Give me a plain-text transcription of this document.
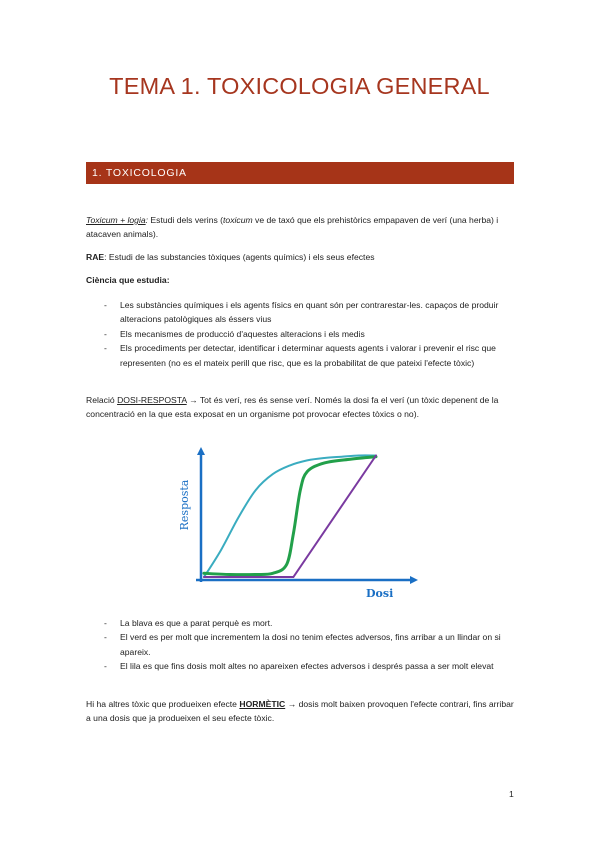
TEMA 1. TOXICOLOGIA GENERAL
1. TOXICOLOGIA

Toxicum + logia: Estudi dels verins (toxicum ve de taxó que els prehistòrics empapaven de verí (una herba) i atacaven animals).

RAE: Estudi de las substancies tòxiques (agents químics) i els seus efectes

Ciència que estudia:

- Les substàncies químiques i els agents físics en quant són per contrarestar-les. capaços de produir alteracions patològiques als éssers vius
- Els mecanismes de producció d'aquestes alteracions i els medis
- Els procediments per detectar, identificar i determinar aquests agents i valorar i prevenir el risc que representen (no es el mateix perill que risc, que es la probabilitat de que pateixi l'efecte tòxic)

Relació DOSI-RESPOSTA → Tot és verí, res és sense verí. Només la dosi fa el verí (un tòxic depenent de la concentració en la que esta exposat en un organisme pot provocar efectes tòxics o no).

Dosi
Resposta
- La blava es que a parat perquè es mort.
- El verd es per molt que incrementem la dosi no tenim efectes adversos, fins arribar a un llindar on si apareix.
- El lila es que fins dosis molt altes no apareixen efectes adversos i després passa a ser molt elevat

Hi ha altres tòxic que produeixen efecte HORMÈTIC → dosis molt baixen provoquen l'efecte contrari, fins arribar a una dosis que ja produeixen el seu efecte tòxic.

1
